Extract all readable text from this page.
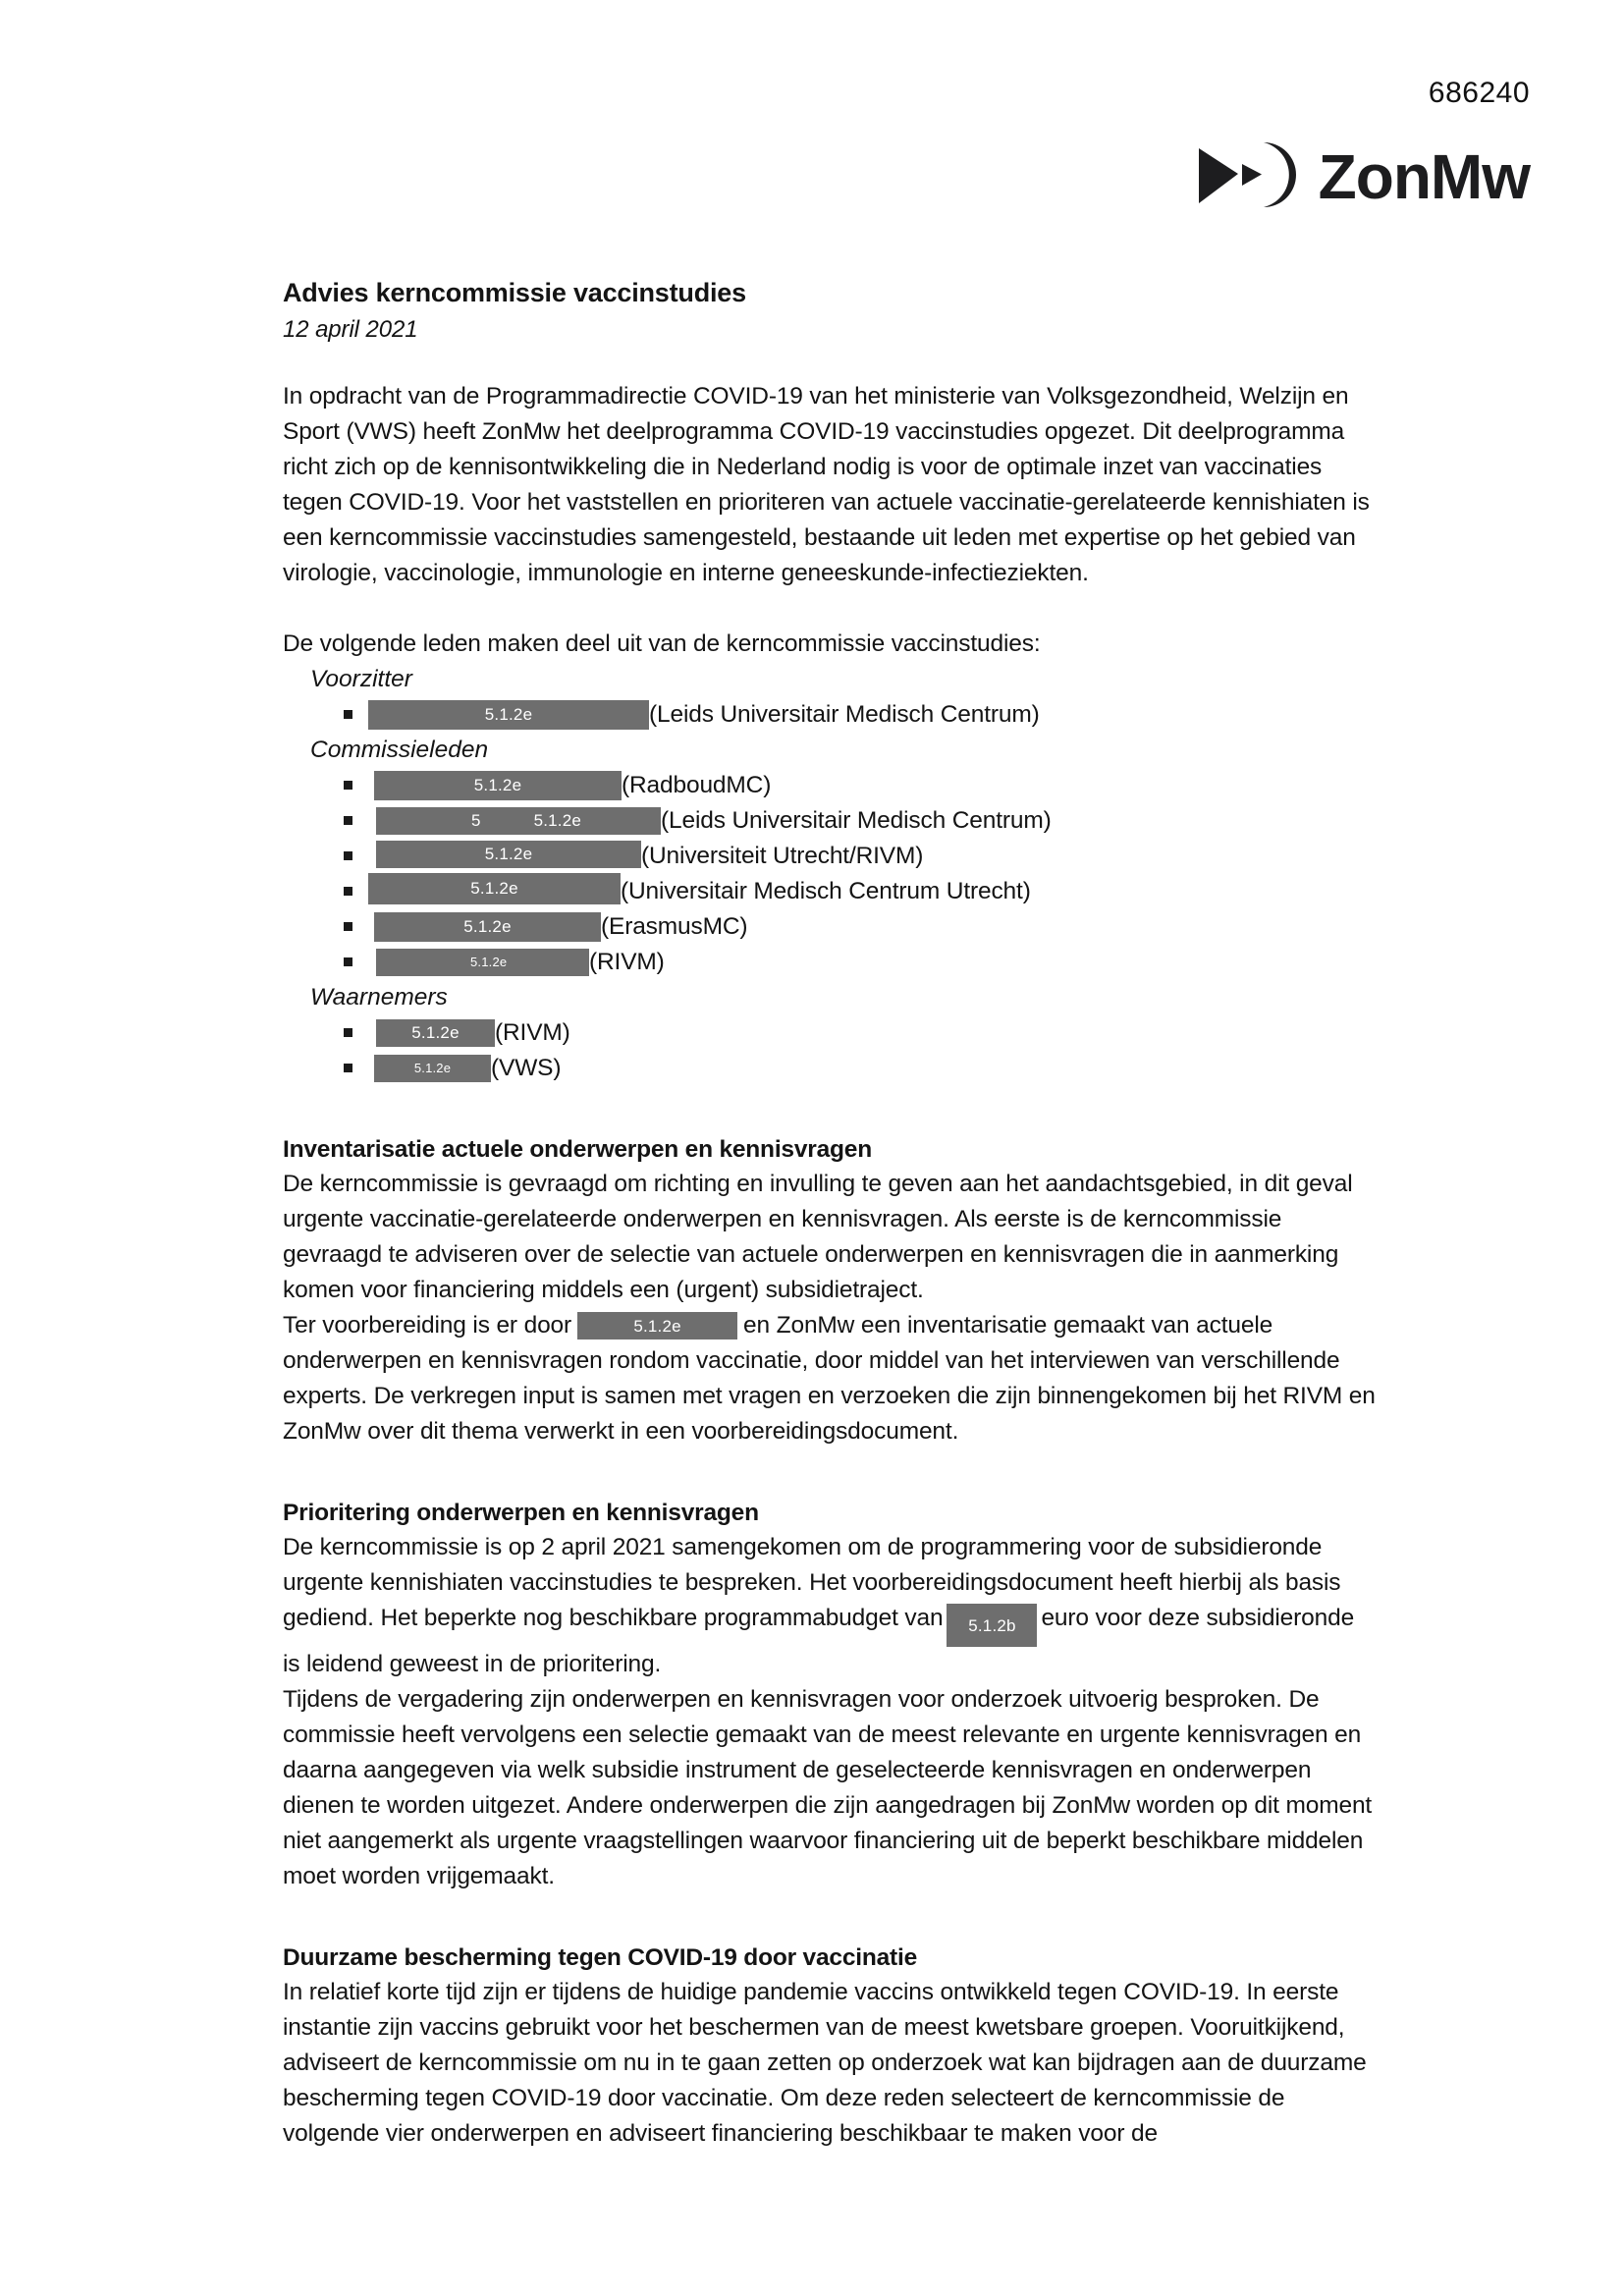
686240
ZonMw
Advies kerncommissie vaccinstudies

12 april 2021

In opdracht van de Programmadirectie COVID-19 van het ministerie van Volksgezondheid, Welzijn en Sport (VWS) heeft ZonMw het deelprogramma COVID-19 vaccinstudies opgezet. Dit deelprogramma richt zich op de kennisontwikkeling die in Nederland nodig is voor de optimale inzet van vaccinaties tegen COVID-19. Voor het vaststellen en prioriteren van actuele vaccinatie-gerelateerde kennishiaten is een kerncommissie vaccinstudies samengesteld, bestaande uit leden met expertise op het gebied van virologie, vaccinologie, immunologie en interne geneeskunde-infectieziekten.

De volgende leden maken deel uit van de kerncommissie vaccinstudies:

Voorzitter

5.1.2e	(Leids Universitair Medisch Centrum)

Commissieleden

5.1.2e	(RadboudMC)
5	5.1.2e	(Leids Universitair Medisch Centrum)
5.1.2e	(Universiteit Utrecht/RIVM)
5.1.2e	(Universitair Medisch Centrum Utrecht)
5.1.2e	(ErasmusMC)
5.1.2e	(RIVM)

Waarnemers

5.1.2e (RIVM)
5.1.2e (VWS)
Inventarisatie actuele onderwerpen en kennisvragen

De kerncommissie is gevraagd om richting en invulling te geven aan het aandachtsgebied, in dit geval urgente vaccinatie-gerelateerde onderwerpen en kennisvragen. Als eerste is de kerncommissie gevraagd te adviseren over de selectie van actuele onderwerpen en kennisvragen die in aanmerking komen voor financiering middels een (urgent) subsidietraject.

Ter voorbereiding is er door	5.1.2e	en ZonMw een inventarisatie gemaakt van actuele onderwerpen en kennisvragen rondom vaccinatie, door middel van het interviewen van verschillende experts. De verkregen input is samen met vragen en verzoeken die zijn binnengekomen bij het RIVM en ZonMw over dit thema verwerkt in een voorbereidingsdocument.

Prioritering onderwerpen en kennisvragen

De kerncommissie is op 2 april 2021 samengekomen om de programmering voor de subsidieronde urgente kennishiaten vaccinstudies te bespreken. Het voorbereidingsdocument heeft hierbij als basis gediend. Het beperkte nog beschikbare programmabudget van 5.1.2b euro voor deze subsidieronde is leidend geweest in de prioritering.

Tijdens de vergadering zijn onderwerpen en kennisvragen voor onderzoek uitvoerig besproken. De commissie heeft vervolgens een selectie gemaakt van de meest relevante en urgente kennisvragen en daarna aangegeven via welk subsidie instrument de geselecteerde kennisvragen en onderwerpen dienen te worden uitgezet. Andere onderwerpen die zijn aangedragen bij ZonMw worden op dit moment niet aangemerkt als urgente vraagstellingen waarvoor financiering uit de beperkt beschikbare middelen moet worden vrijgemaakt.

Duurzame bescherming tegen COVID-19 door vaccinatie

In relatief korte tijd zijn er tijdens de huidige pandemie vaccins ontwikkeld tegen COVID-19. In eerste instantie zijn vaccins gebruikt voor het beschermen van de meest kwetsbare groepen. Vooruitkijkend, adviseert de kerncommissie om nu in te gaan zetten op onderzoek wat kan bijdragen aan de duurzame bescherming tegen COVID-19 door vaccinatie. Om deze reden selecteert de kerncommissie de volgende vier onderwerpen en adviseert financiering beschikbaar te maken voor de
